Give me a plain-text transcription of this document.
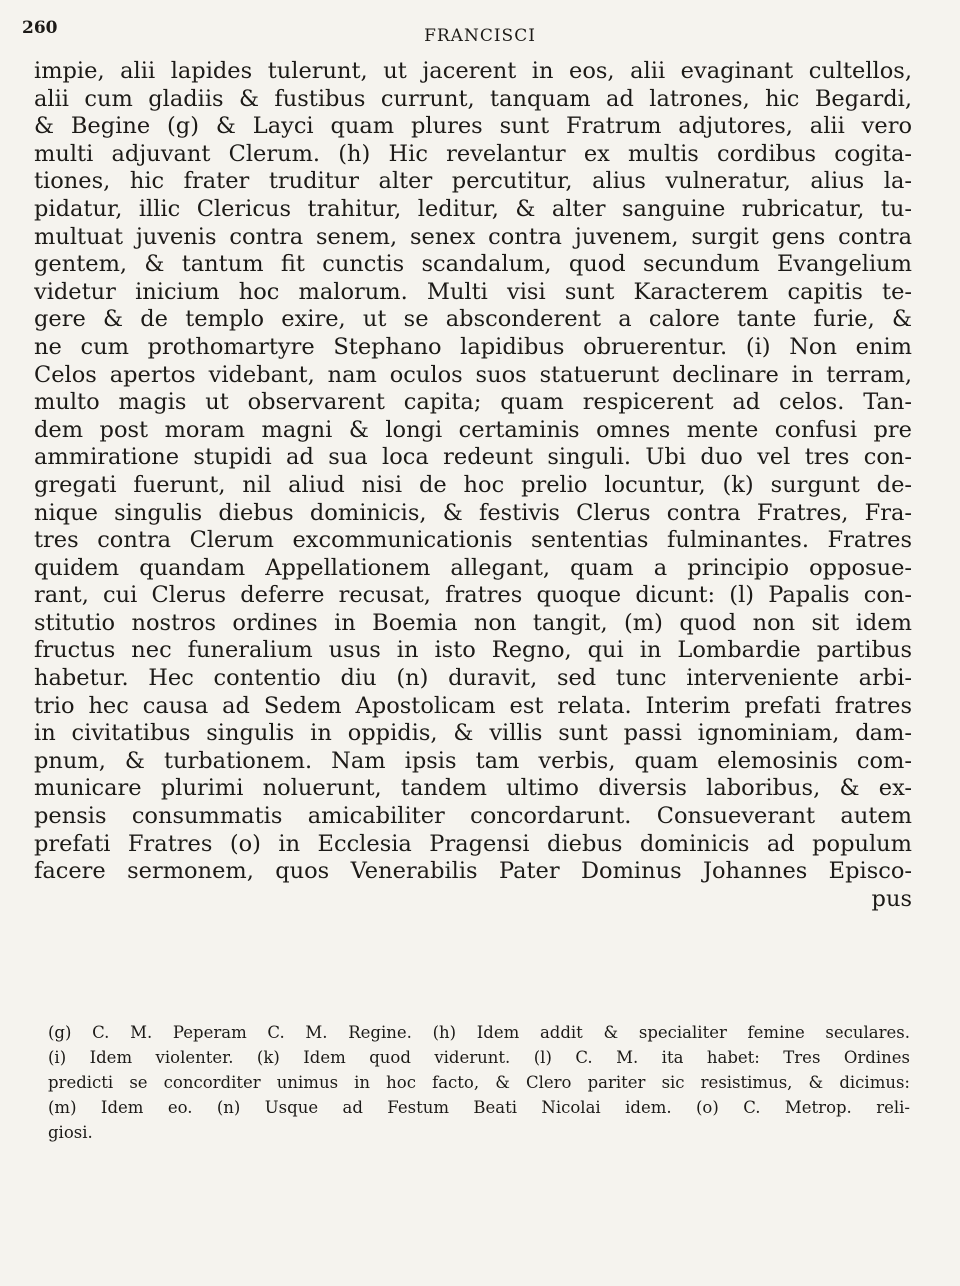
260	FRANCISCI
impie, alii lapides tulerunt, ut jacerent in eos, alii evaginant cultellos,
alii cum gladiis & fustibus currunt, tanquam ad latrones, hic Begardi,
& Begine (g) & Layci quam plures sunt Fratrum adjutores, alii vero
multi adjuvant Clerum. (h) Hic revelantur ex multis cordibus cogita-
tiones, hic frater truditur alter percutitur, alius vulneratur, alius la-
pidatur, illic Clericus trahitur, leditur, & alter sanguine rubricatur, tu-
multuat juvenis contra senem, senex contra juvenem, surgit gens contra
gentem, & tantum fit cunctis scandalum, quod secundum Evangelium
videtur inicium hoc malorum. Multi visi sunt Karacterem capitis te-
gere & de templo exire, ut se absconderent a calore tante furie, &
ne cum prothomartyre Stephano lapidibus obruerentur. (i) Non enim
Celos apertos videbant, nam oculos suos statuerunt declinare in terram,
multo magis ut observarent capita; quam respicerent ad celos. Tan-
dem post moram magni & longi certaminis omnes mente confusi pre
ammiratione stupidi ad sua loca redeunt singuli. Ubi duo vel tres con-
gregati fuerunt, nil aliud nisi de hoc prelio locuntur, (k) surgunt de-
nique singulis diebus dominicis, & festivis Clerus contra Fratres, Fra-
tres contra Clerum excommunicationis sententias fulminantes. Fratres
quidem quandam Appellationem allegant, quam a principio opposue-
rant, cui Clerus deferre recusat, fratres quoque dicunt: (l) Papalis con-
stitutio nostros ordines in Boemia non tangit, (m) quod non sit idem
fructus nec funeralium usus in isto Regno, qui in Lombardie partibus
habetur. Hec contentio diu (n) duravit, sed tunc interveniente arbi-
trio hec causa ad Sedem Apostolicam est relata. Interim prefati fratres
in civitatibus singulis in oppidis, & villis sunt passi ignominiam, dam-
pnum, & turbationem. Nam ipsis tam verbis, quam elemosinis com-
municare plurimi noluerunt, tandem ultimo diversis laboribus, & ex-
pensis consummatis amicabiliter concordarunt. Consueverant autem
prefati Fratres (o) in Ecclesia Pragensi diebus dominicis ad populum
facere sermonem, quos Venerabilis Pater Dominus Johannes Episco-
pus
(g) C. M. Peperam C. M. Regine. (h) Idem addit & specialiter femine seculares.
(i) Idem violenter. (k) Idem quod viderunt. (l) C. M. ita habet: Tres Ordines
predicti se concorditer unimus in hoc facto, & Clero pariter sic resistimus, & dicimus:
(m) Idem eo. (n) Usque ad Festum Beati Nicolai idem. (o) C. Metrop. reli-
giosi.
